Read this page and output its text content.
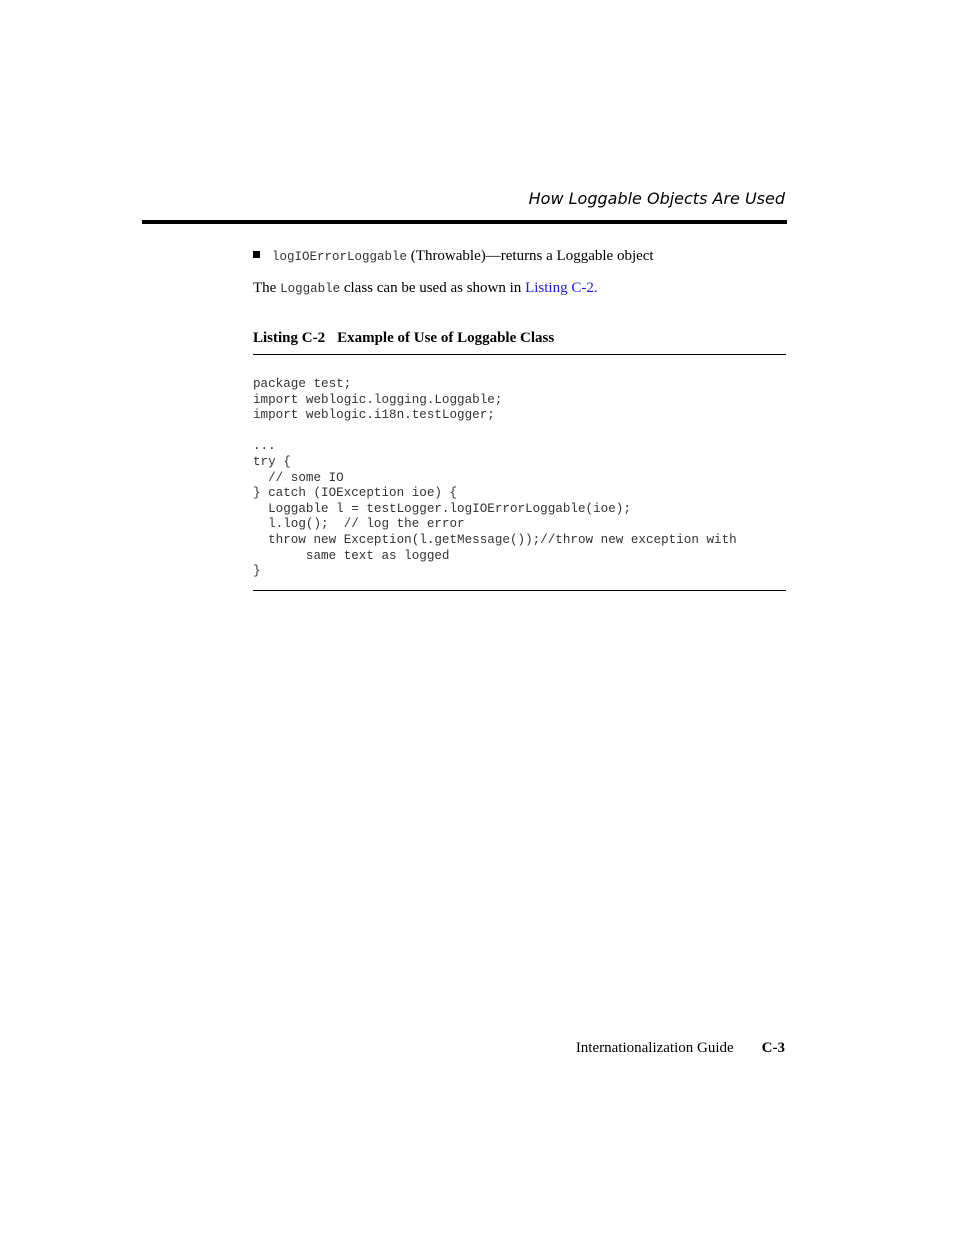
How Loggable Objects Are Used
logIOErrorLoggable (Throwable)—returns a Loggable object
The Loggable class can be used as shown in Listing C-2.
Listing C-2 Example of Use of Loggable Class
package test;
import weblogic.logging.Loggable;
import weblogic.i18n.testLogger;

...
try {
// some IO
} catch (IOException ioe) {
Loggable l = testLogger.logIOErrorLoggable(ioe);
l.log();  // log the error
throw new Exception(l.getMessage());//throw new exception with
same text as logged
}
Internationalization Guide C-3
